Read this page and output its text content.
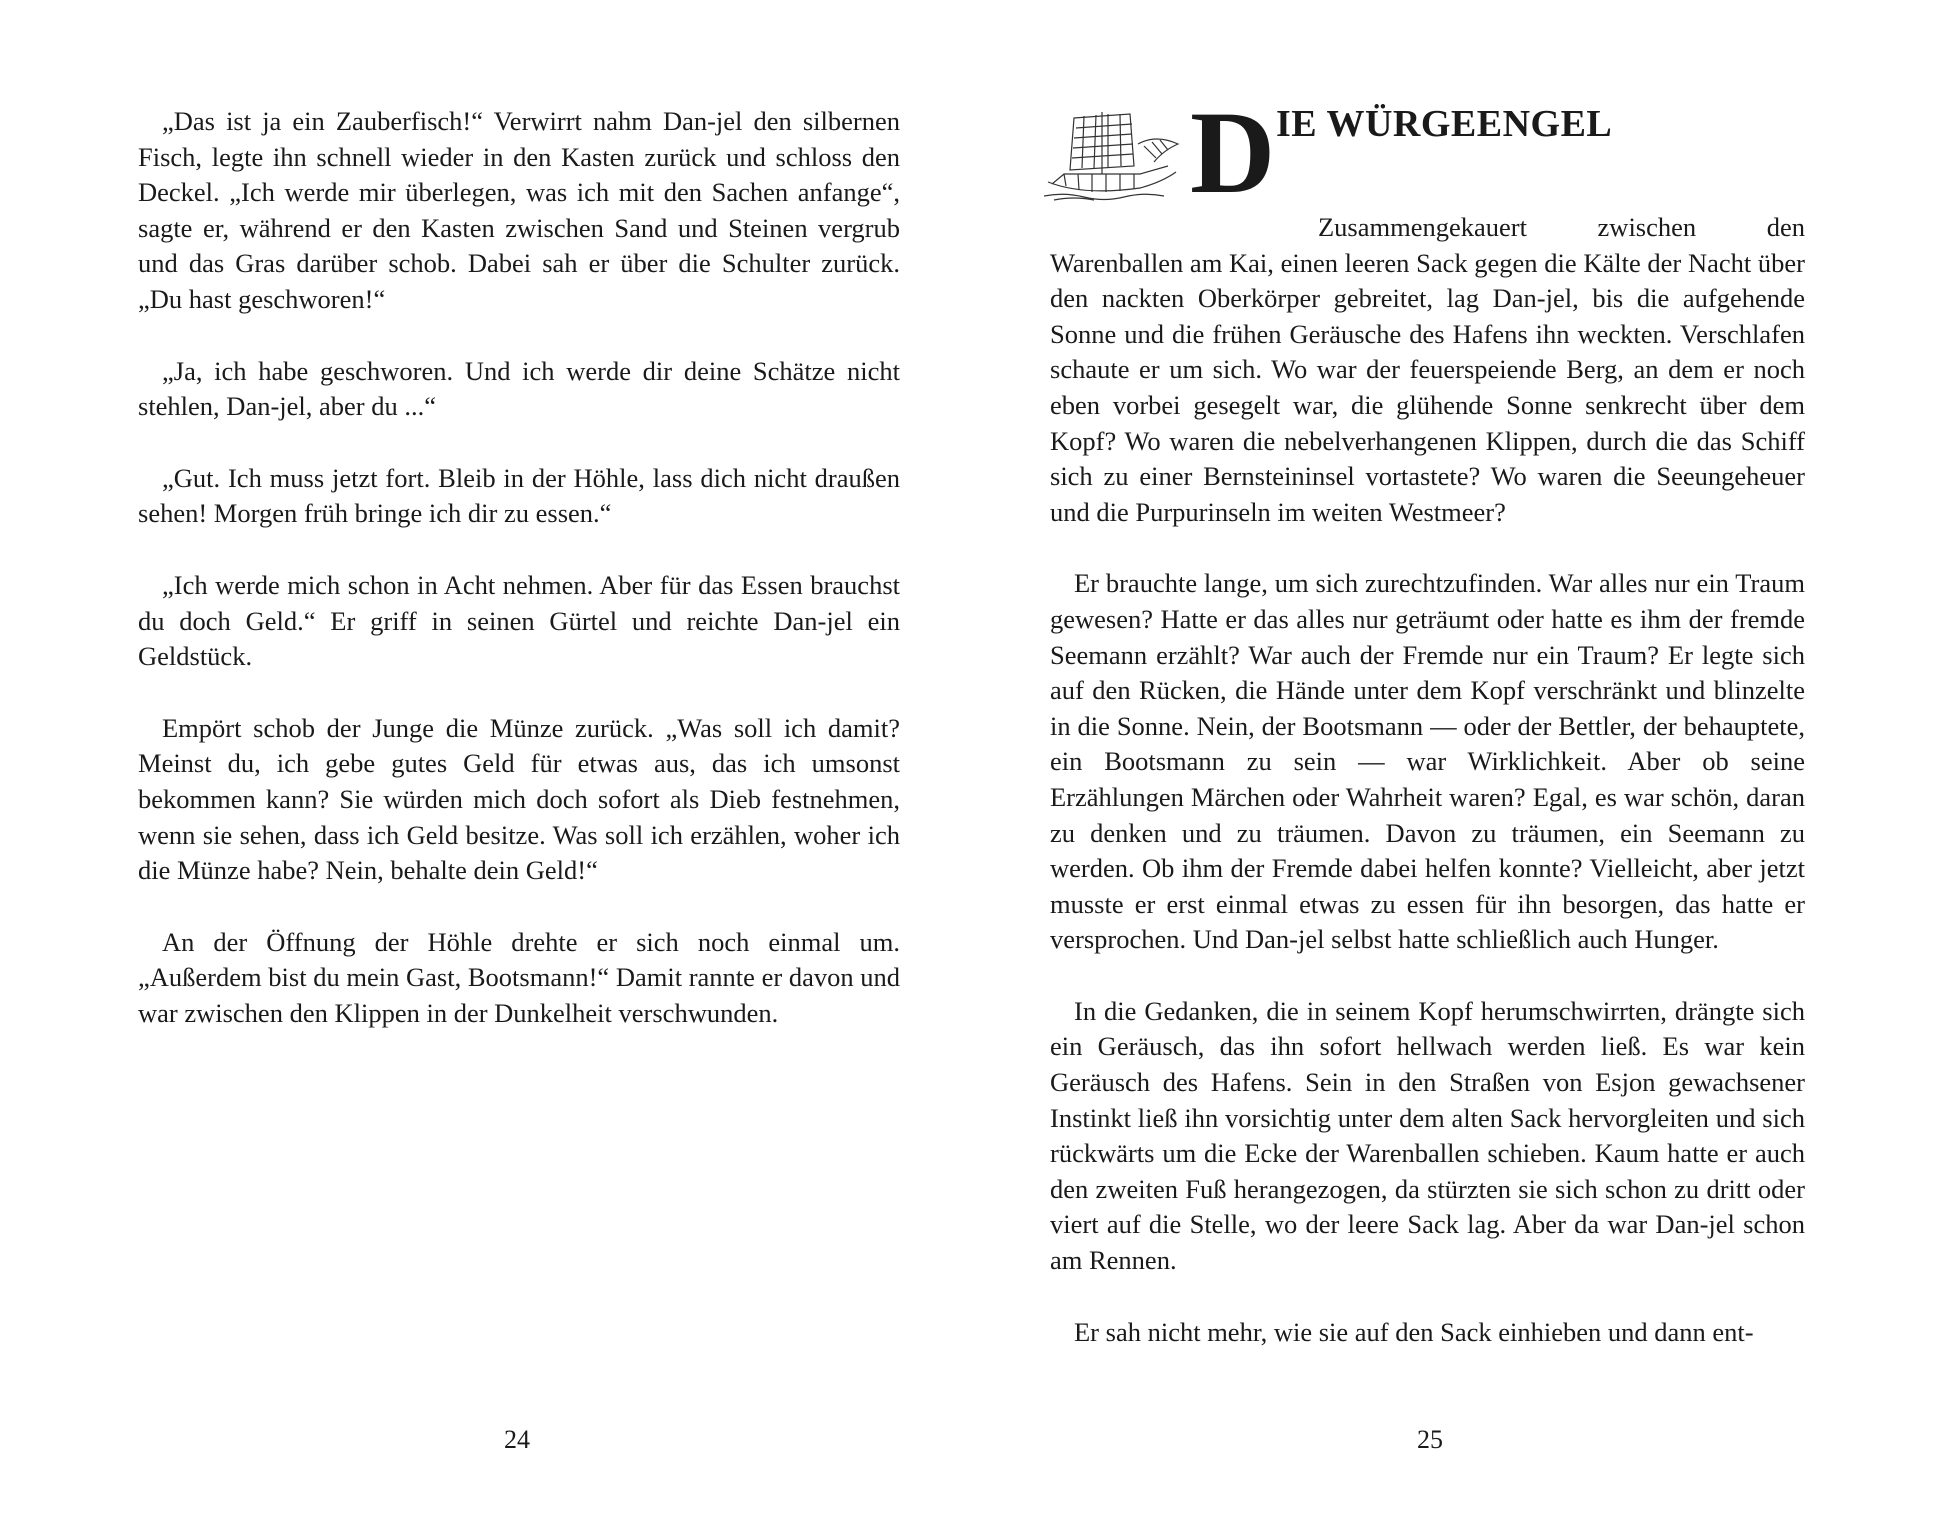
„Das ist ja ein Zauberfisch!“ Verwirrt nahm Dan-jel den silbernen Fisch, legte ihn schnell wieder in den Kasten zurück und schloss den Deckel. „Ich werde mir überlegen, was ich mit den Sachen anfange“, sagte er, während er den Kasten zwischen Sand und Steinen vergrub und das Gras darüber schob. Dabei sah er über die Schulter zurück. „Du hast geschworen!“

„Ja, ich habe geschworen. Und ich werde dir deine Schätze nicht stehlen, Dan-jel, aber du ...“

„Gut. Ich muss jetzt fort. Bleib in der Höhle, lass dich nicht draußen sehen! Morgen früh bringe ich dir zu essen.“

„Ich werde mich schon in Acht nehmen. Aber für das Essen brauchst du doch Geld.“ Er griff in seinen Gürtel und reichte Dan-jel ein Geldstück.

Empört schob der Junge die Münze zurück. „Was soll ich damit? Meinst du, ich gebe gutes Geld für etwas aus, das ich umsonst bekommen kann? Sie würden mich doch sofort als Dieb festnehmen, wenn sie sehen, dass ich Geld besitze. Was soll ich erzählen, woher ich die Münze habe? Nein, behalte dein Geld!“

An der Öffnung der Höhle drehte er sich noch einmal um. „Außerdem bist du mein Gast, Bootsmann!“ Damit rannte er davon und war zwischen den Klippen in der Dunkelheit verschwunden.

24
D IE WÜRGEENGEL

Zusammengekauert zwischen den Warenballen am Kai, einen leeren Sack gegen die Kälte der Nacht über den nackten Oberkörper gebreitet, lag Dan-jel, bis die aufgehende Sonne und die frühen Geräusche des Hafens ihn weckten. Verschlafen schaute er um sich. Wo war der feuerspeiende Berg, an dem er noch eben vorbei gesegelt war, die glühende Sonne senkrecht über dem Kopf? Wo waren die nebelverhangenen Klippen, durch die das Schiff sich zu einer Bernsteininsel vortastete? Wo waren die Seeungeheuer und die Purpurinseln im weiten Westmeer?

Er brauchte lange, um sich zurechtzufinden. War alles nur ein Traum gewesen? Hatte er das alles nur geträumt oder hatte es ihm der fremde Seemann erzählt? War auch der Fremde nur ein Traum? Er legte sich auf den Rücken, die Hände unter dem Kopf verschränkt und blinzelte in die Sonne. Nein, der Bootsmann — oder der Bettler, der behauptete, ein Bootsmann zu sein — war Wirklichkeit. Aber ob seine Erzählungen Märchen oder Wahrheit waren? Egal, es war schön, daran zu denken und zu träumen. Davon zu träumen, ein Seemann zu werden. Ob ihm der Fremde dabei helfen konnte? Vielleicht, aber jetzt musste er erst einmal etwas zu essen für ihn besorgen, das hatte er versprochen. Und Dan-jel selbst hatte schließlich auch Hunger.

In die Gedanken, die in seinem Kopf herumschwirrten, drängte sich ein Geräusch, das ihn sofort hellwach werden ließ. Es war kein Geräusch des Hafens. Sein in den Straßen von Esjon gewachsener Instinkt ließ ihn vorsichtig unter dem alten Sack hervorgleiten und sich rückwärts um die Ecke der Warenballen schieben. Kaum hatte er auch den zweiten Fuß herangezogen, da stürzten sie sich schon zu dritt oder viert auf die Stelle, wo der leere Sack lag. Aber da war Dan-jel schon am Rennen.

Er sah nicht mehr, wie sie auf den Sack einhieben und dann ent-

25
